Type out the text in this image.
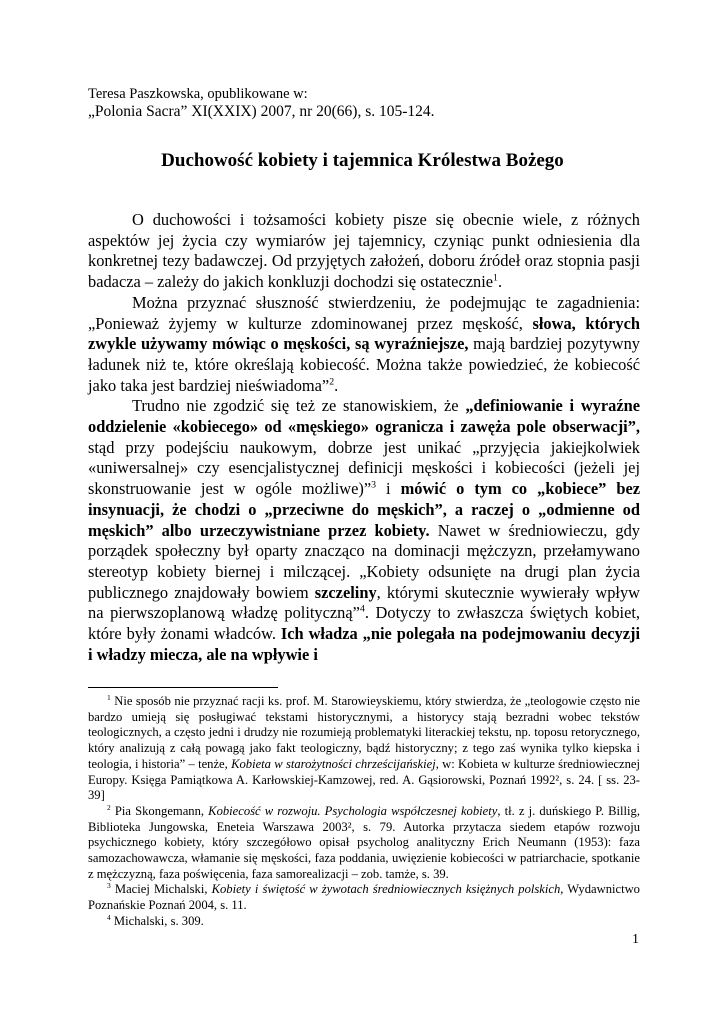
Teresa Paszkowska, opublikowane w:
„Polonia Sacra” XI(XXIX) 2007, nr 20(66), s. 105-124.
Duchowość kobiety i tajemnica Królestwa Bożego

O duchowości i tożsamości kobiety pisze się obecnie wiele, z różnych aspektów jej życia czy wymiarów jej tajemnicy, czyniąc punkt odniesienia dla konkretnej tezy badawczej. Od przyjętych założeń, doboru źródeł oraz stopnia pasji badacza – zależy do jakich konkluzji dochodzi się ostatecznie$^1$.

Można przyznać słuszność stwierdzeniu, że podejmując te zagadnienia: „Ponieważ żyjemy w kulturze zdominowanej przez męskość, słowa, których zwykle używamy mówiąc o męskości, są wyraźniejsze, mają bardziej pozytywny ładunek niż te, które określają kobiecość. Można także powiedzieć, że kobiecość jako taka jest bardziej nieświadoma”$^2$.

Trudno nie zgodzić się też ze stanowiskiem, że „definiowanie i wyraźne oddzielenie «kobiecego» od «męskiego» ogranicza i zawęża pole obserwacji”, stąd przy podejściu naukowym, dobrze jest unikać „przyjęcia jakiejkolwiek «uniwersalnej» czy esencjalistycznej definicji męskości i kobiecości (jeżeli jej skonstruowanie jest w ogóle możliwe)”$^3$ i mówić o tym co „kobiece” bez insynuacji, że chodzi o „przeciwne do męskich”, a raczej o „odmienne od męskich” albo urzeczywistniane przez kobiety. Nawet w średniowieczu, gdy porządek społeczny był oparty znacząco na dominacji mężczyzn, przełamywano stereotyp kobiety biernej i milczącej. „Kobiety odsunięte na drugi plan życia publicznego znajdowały bowiem szczeliny, którymi skutecznie wywierały wpływ na pierwszoplanową władzę polityczną”$^4$. Dotyczy to zwłaszcza świętych kobiet, które były żonami władców. Ich władza „nie polegała na podejmowaniu decyzji i władzy miecza, ale na wpływie i

$^1$ Nie sposób nie przyznać racji ks. prof. M. Starowieyskiemu, który stwierdza, że „teologowie często nie bardzo umieją się posługiwać tekstami historycznymi, a historycy stają bezradni wobec tekstów teologicznych, a często jedni i drudzy nie rozumieją problematyki literackiej tekstu, np. toposu retorycznego, który analizują z całą powagą jako fakt teologiczny, bądź historyczny; z tego zaś wynika tylko kiepska i teologia, i historia” – tenże, Kobieta w starożytności chrześcijańskiej, w: Kobieta w kulturze średniowiecznej Europy. Księga Pamiątkowa A. Karłowskiej-Kamzowej, red. A. Gąsiorowski, Poznań 1992², s. 24. [ ss. 23-39]

$^2$ Pia Skongemann, Kobiecość w rozwoju. Psychologia współczesnej kobiety, tł. z j. duńskiego P. Billig, Biblioteka Jungowska, Eneteia Warszawa 2003², s. 79. Autorka przytacza siedem etapów rozwoju psychicznego kobiety, który szczegółowo opisał psycholog analityczny Erich Neumann (1953): faza samozachowawcza, włamanie się męskości, faza poddania, uwięzienie kobiecości w patriarchacie, spotkanie z mężczyzną, faza poświęcenia, faza samorealizacji – zob. tamże, s. 39.

$^3$ Maciej Michalski, Kobiety i świętość w żywotach średniowiecznych księżnych polskich, Wydawnictwo Poznańskie Poznań 2004, s. 11.

$^4$ Michalski, s. 309.

1
